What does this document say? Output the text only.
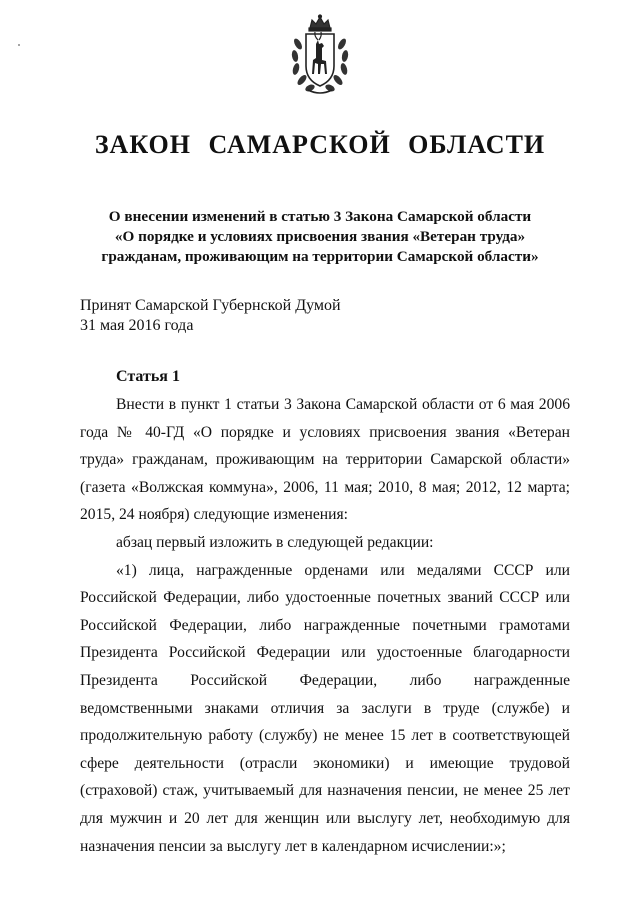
ЗАКОН САМАРСКОЙ ОБЛАСТИ
О внесении изменений в статью 3 Закона Самарской области
«О порядке и условиях присвоения звания «Ветеран труда»
гражданам, проживающим на территории Самарской области»
Принят Самарской Губернской Думой
31 мая 2016 года
Статья 1

Внести в пункт 1 статьи 3 Закона Самарской области от 6 мая 2006 года № 40-ГД «О порядке и условиях присвоения звания «Ветеран труда» гражданам, проживающим на территории Самарской области» (газета «Волжская коммуна», 2006, 11 мая; 2010, 8 мая; 2012, 12 марта; 2015, 24 ноября) следующие изменения:

абзац первый изложить в следующей редакции:

«1) лица, награжденные орденами или медалями СССР или Российской Федерации, либо удостоенные почетных званий СССР или Российской Федерации, либо награжденные почетными грамотами Президента Российской Федерации или удостоенные благодарности Президента Российской Федерации, либо награжденные ведомственными знаками отличия за заслуги в труде (службе) и продолжительную работу (службу) не менее 15 лет в соответствующей сфере деятельности (отрасли экономики) и имеющие трудовой (страховой) стаж, учитываемый для назначения пенсии, не менее 25 лет для мужчин и 20 лет для женщин или выслугу лет, необходимую для назначения пенсии за выслугу лет в календарном исчислении:»;
